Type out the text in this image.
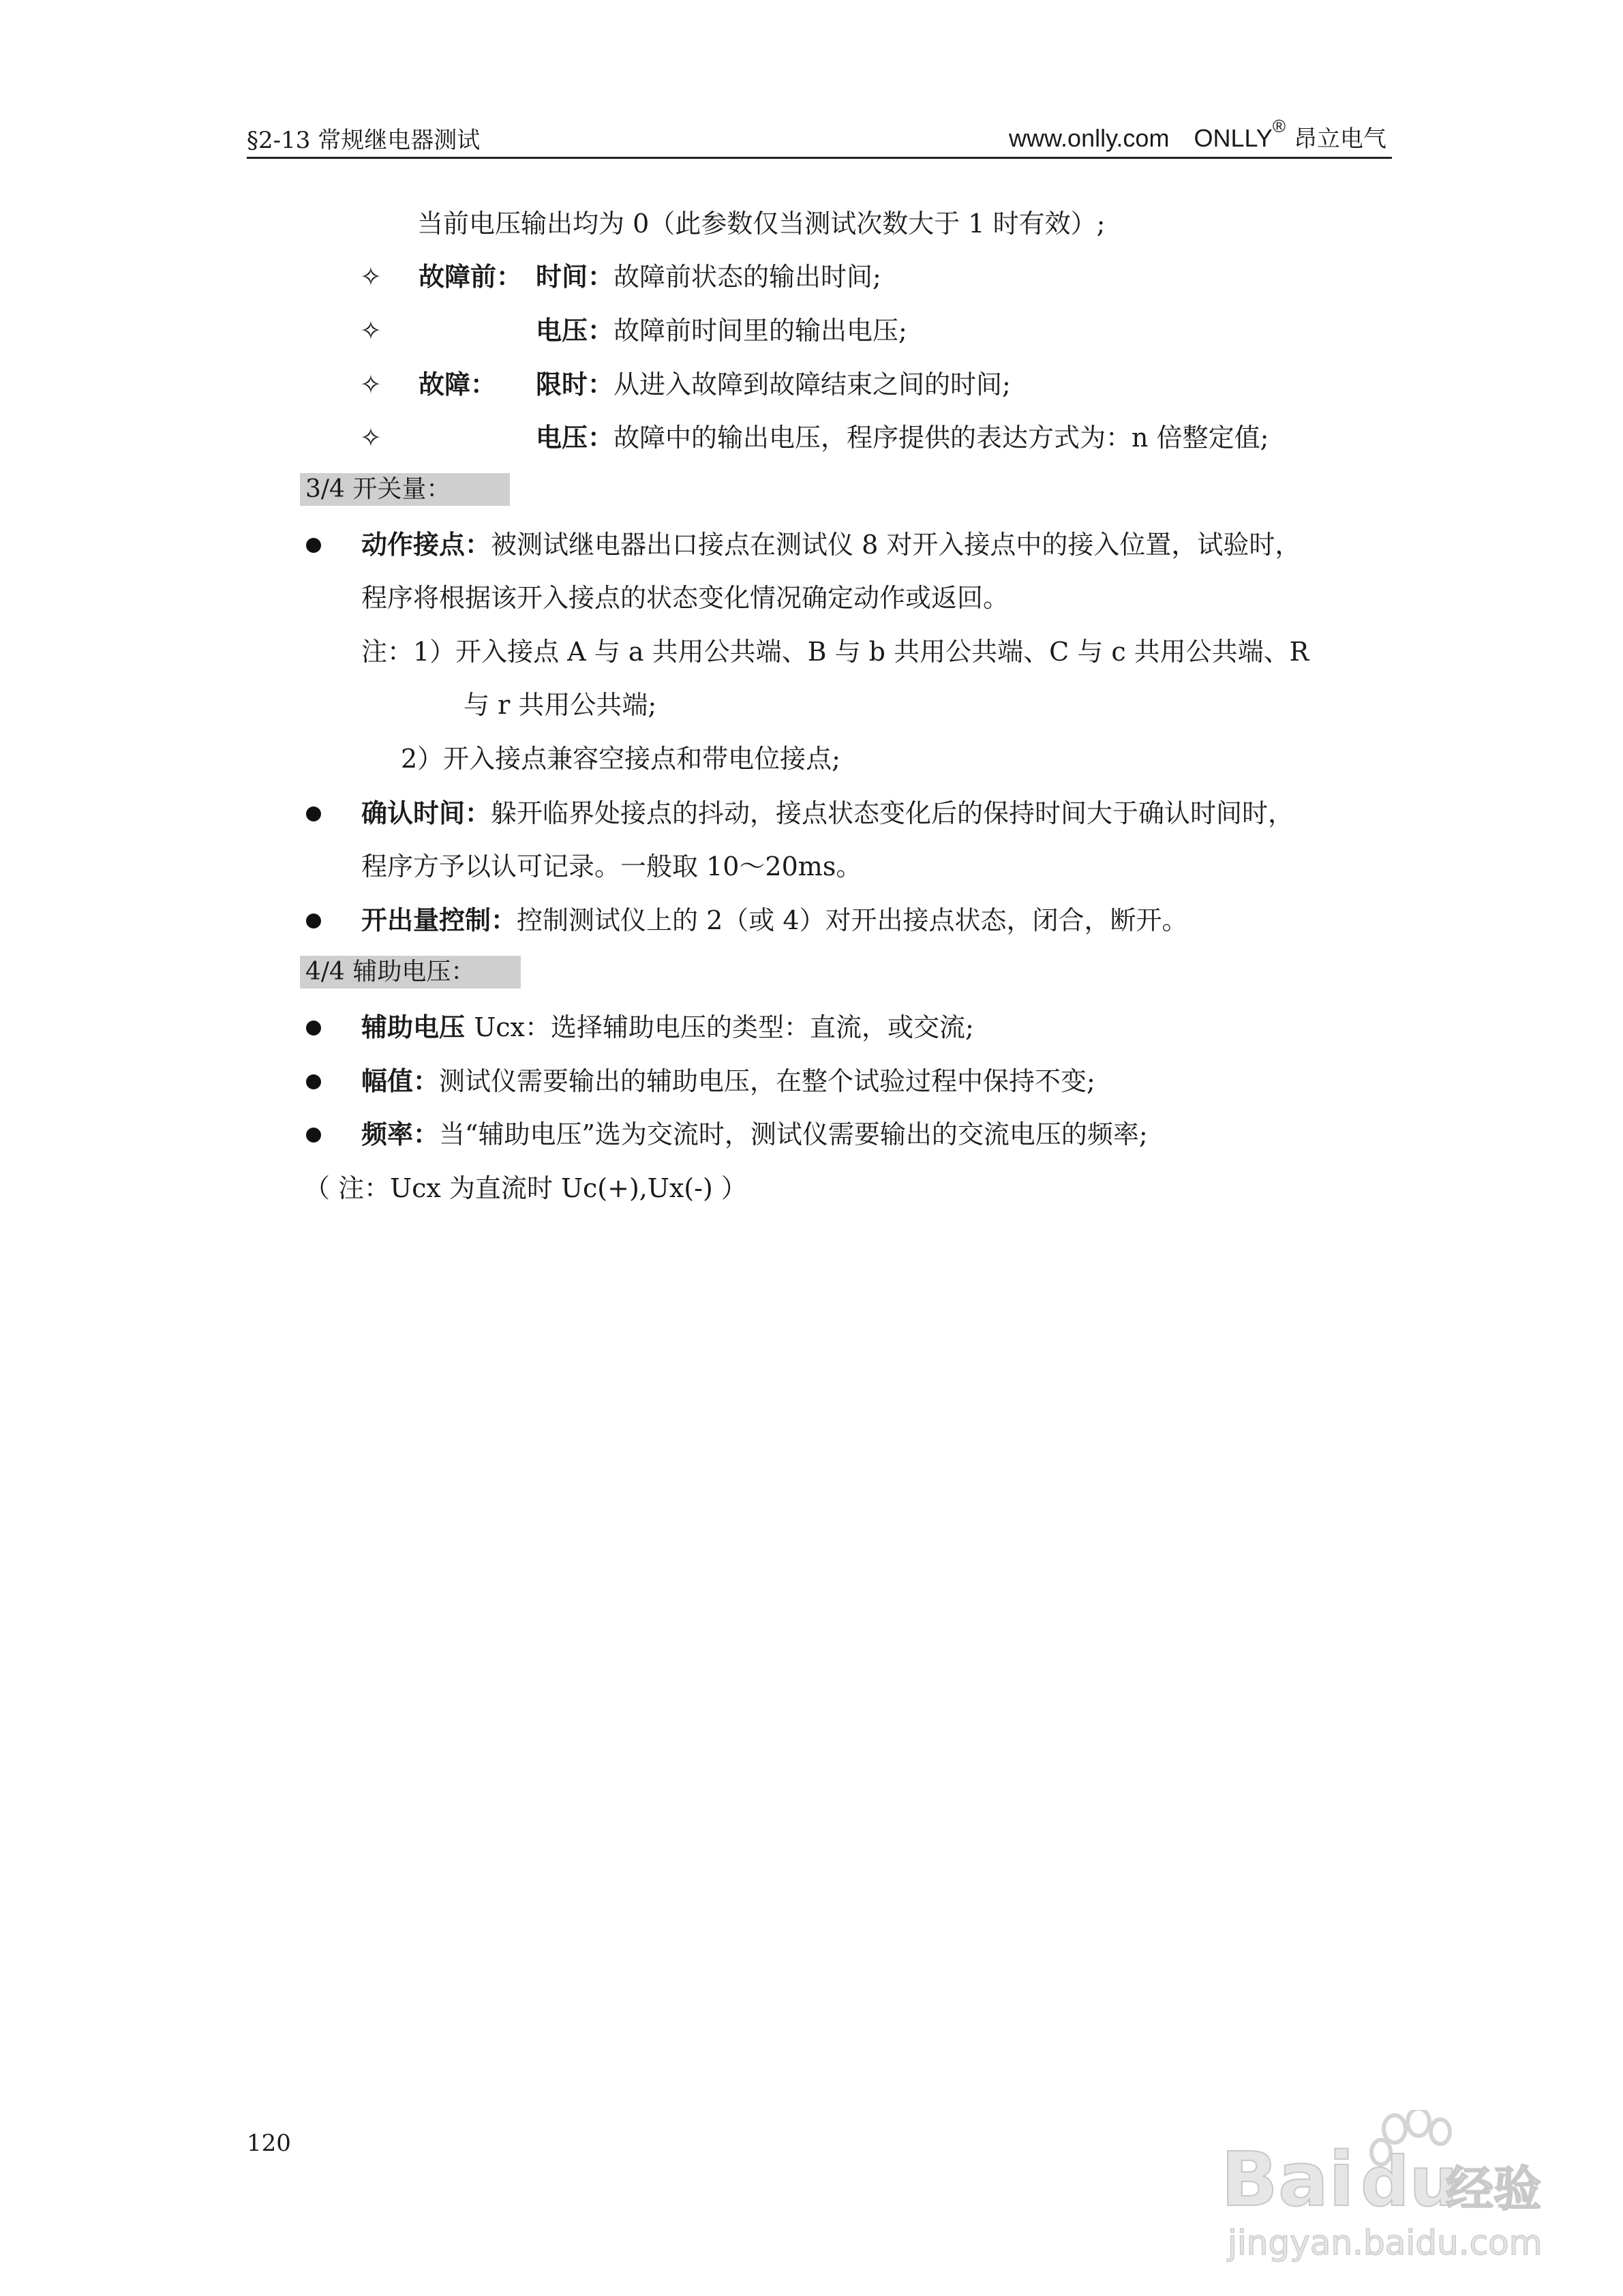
§2-13 常规继电器测试	www.onlly.com ONLLY® 昂立电气
当前电压输出均为 0（此参数仅当测试次数大于 1 时有效）;
✧ 故障前： 时间：故障前状态的输出时间;
✧	电压：故障前时间里的输出电压;
✧ 故障： 限时：从进入故障到故障结束之间的时间;
✧	电压：故障中的输出电压，程序提供的表达方式为：n 倍整定值;
3/4 开关量：
动作接点：被测试继电器出口接点在测试仪 8 对开入接点中的接入位置，试验时，
程序将根据该开入接点的状态变化情况确定动作或返回。
注：1）开入接点 A 与 a 共用公共端、B 与 b 共用公共端、C 与 c 共用公共端、R
与 r 共用公共端;
2）开入接点兼容空接点和带电位接点;
确认时间：躲开临界处接点的抖动，接点状态变化后的保持时间大于确认时间时，
程序方予以认可记录。一般取 10～20ms。
开出量控制：控制测试仪上的 2（或 4）对开出接点状态，闭合，断开。
4/4 辅助电压：
辅助电压 Ucx：选择辅助电压的类型：直流，或交流;
幅值：测试仪需要输出的辅助电压，在整个试验过程中保持不变;
频率：当“辅助电压”选为交流时，测试仪需要输出的交流电压的频率;
（ 注：Ucx 为直流时 Uc(+),Ux(-) ）
120	Bai du
经验
jingyan.baidu.com
